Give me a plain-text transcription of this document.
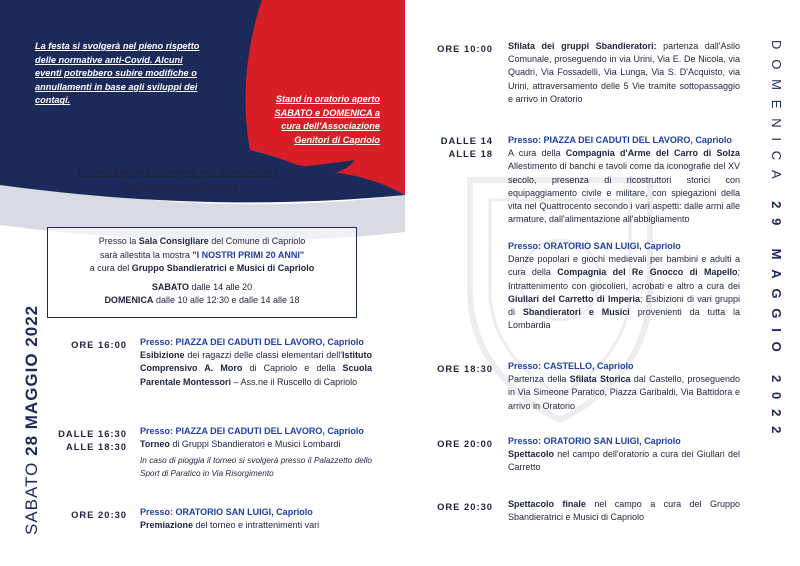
La festa si svolgerà nel pieno rispetto delle normative anti-Covid. Alcuni eventi potrebbero subire modifiche o annullamenti in base agli sviluppi dei contagi.	Stand in oratorio aperto SABATO e DOMENICA a cura dell'Associazione Genitori di Capriolo
In caso di pioggia si svolgerà solo la mostra nella Sala Consigliare del Comune
Presso la Sala Consigliare del Comune di Capriolo
sarà allestita la mostra "I NOSTRI PRIMI 20 ANNI"
a cura del Gruppo Sbandieratrici e Musici di Capriolo
SABATO dalle 14 alle 20
DOMENICA dalle 10 alle 12:30 e dalle 14 alle 18
SABATO 28 MAGGIO 2022
DOMENICA 29 MAGGIO 2022
ORE 16:00 Presso: PIAZZA DEI CADUTI DEL LAVORO, Capriolo
Esibizione dei ragazzi delle classi elementari dell'Istituto Comprensivo A. Moro di Capriolo e della Scuola Parentale Montessori – Ass.ne il Ruscello di Capriolo
DALLE 16:30
ALLE 18:30
Presso: PIAZZA DEI CADUTI DEL LAVORO, Capriolo
Torneo di Gruppi Sbandieratori e Musici Lombardi
In caso di pioggia il torneo si svolgerà presso il Palazzetto dello Sport di Paratico in Via Risorgimento
ORE 20:30 Presso: ORATORIO SAN LUIGI, Capriolo
Premiazione del torneo e intrattenimenti vari
ORE 10:00 Sfilata dei gruppi Sbandieratori: partenza dall'Asilo Comunale, proseguendo in via Urini, Via E. De Nicola, via Quadri, Via Fossadelli, Via Lunga, Via S. D'Acquisto, via Urini, attraversamento delle 5 Vie tramite sottopassaggio e arrivo in Oratorio
DALLE 14
ALLE 18
Presso: PIAZZA DEI CADUTI DEL LAVORO, Capriolo
A cura della Compagnia d'Arme del Carro di Solza Allestimento di banchi e tavoli come da iconografie del XV secolo, presenza di ricostruttori storici con equipaggiamento civile e militare, con spiegazioni della vita nel Quattrocento secondo i vari aspetti: dalle armi alle armature, dall'alimentazione all'abbigliamento
Presso: ORATORIO SAN LUIGI, Capriolo
Danze popolari e giochi medievali per bambini e adulti a cura della Compagnia del Re Gnocco di Mapello; Intrattenimento con giocolieri, acrobati e altro a cura dei Giullari del Carretto di Imperia; Esibizioni di vari gruppi di Sbandieratori e Musici provenienti da tutta la Lombardia
ORE 18:30 Presso: CASTELLO, Capriolo
Partenza della Sfilata Storica dal Castello, proseguendo in Via Simeone Paratico, Piazza Garibaldi, Via Battidora e arrivo in Oratorio
ORE 20:00 Presso: ORATORIO SAN LUIGI, Capriolo
Spettacolo nel campo dell'oratorio a cura dei Giullari del Carretto
ORE 20:30 Spettacolo finale nel campo a cura del Gruppo Sbandieratrici e Musici di Capriolo
